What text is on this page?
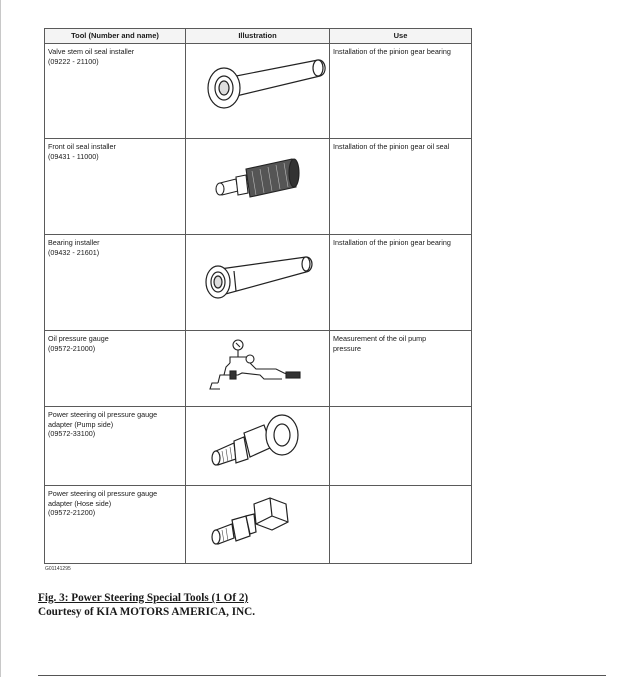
Tool (Number and name)	Illustration	Use

Valve stem oil seal installer
(09222 - 21100)		Installation of the pinion gear bearing

Front oil seal installer
(09431 - 11000)		Installation of the pinion gear oil seal

Bearing installer
(09432 - 21601)		Installation of the pinion gear bearing

Oil pressure gauge
(09572-21000)		Measurement of the oil pump
pressure

Power steering oil pressure gauge
adapter (Pump side)
(09572-33100)

Power steering oil pressure gauge
adapter (Hose side)
(09572-21200)

G01141295
Fig. 3: Power Steering Special Tools (1 Of 2)
Courtesy of KIA MOTORS AMERICA, INC.
